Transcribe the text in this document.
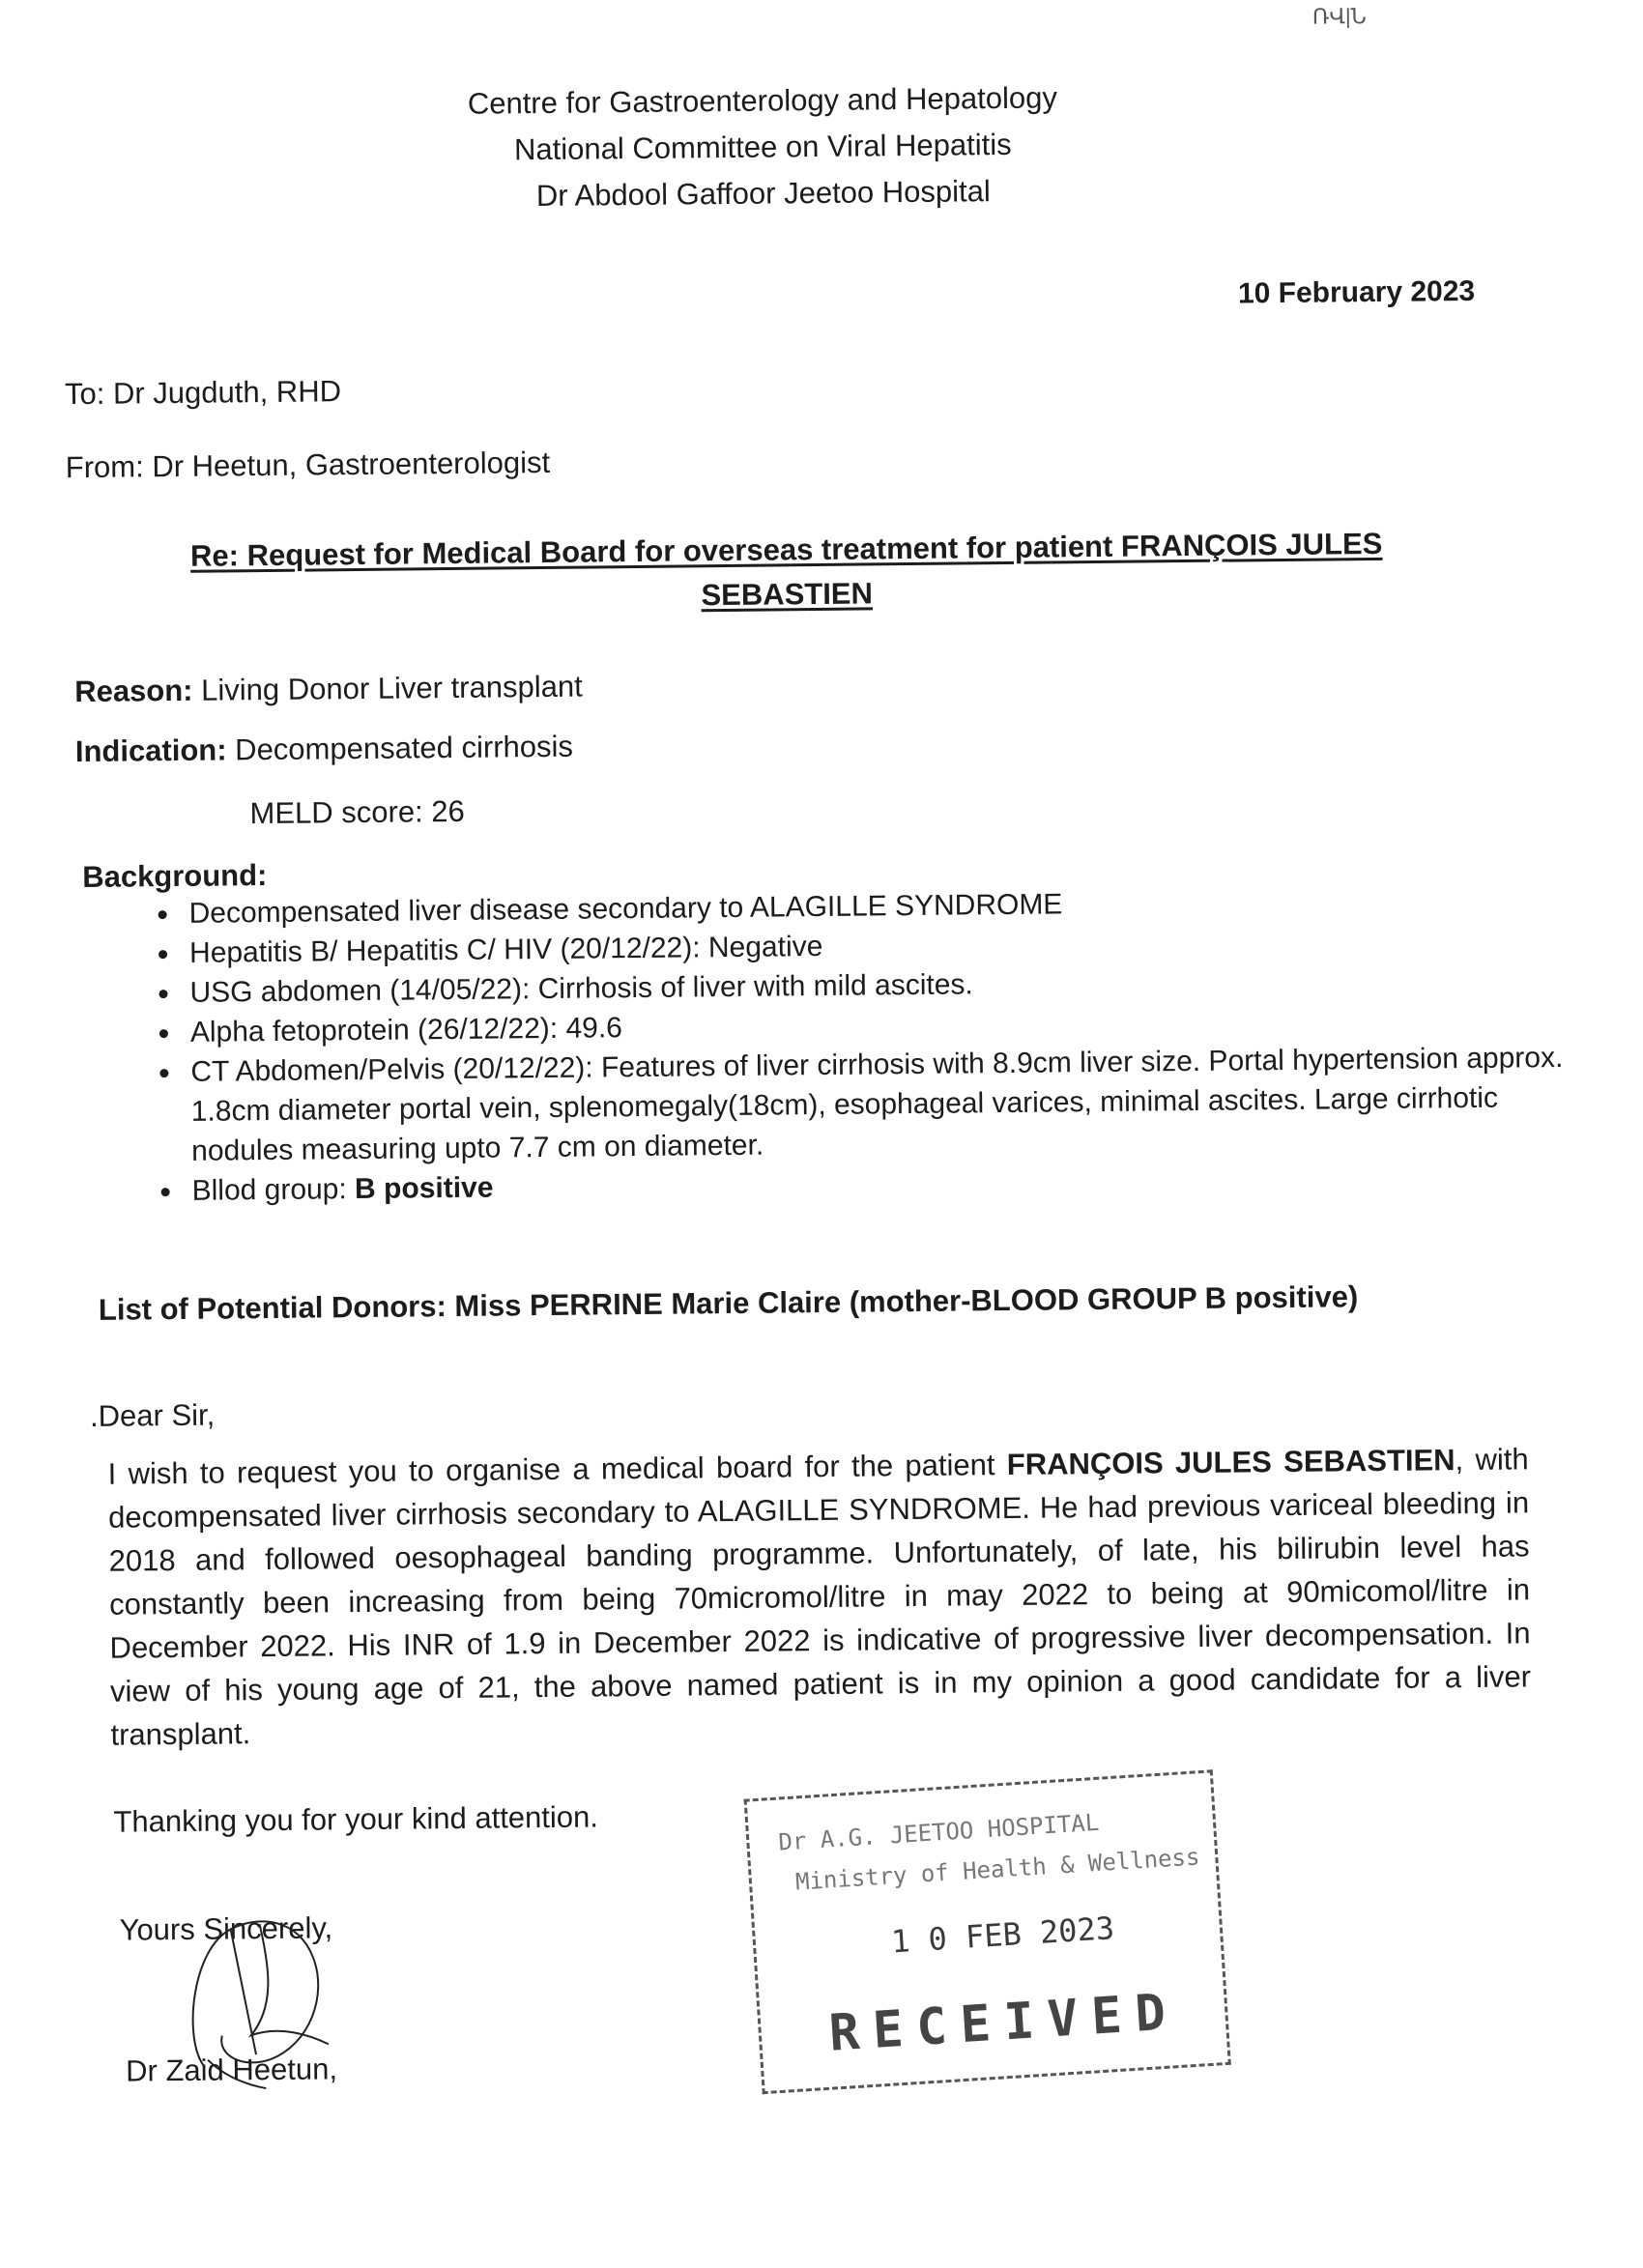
Centre for Gastroenterology and Hepatology
National Committee on Viral Hepatitis
Dr Abdool Gaffoor Jeetoo Hospital
ՌՎ|Ն
10 February 2023
To: Dr Jugduth, RHD
From: Dr Heetun, Gastroenterologist
Re: Request for Medical Board for overseas treatment for patient FRANÇOIS JULES
SEBASTIEN
Reason: Living Donor Liver transplant
Indication: Decompensated cirrhosis
MELD score: 26
Background:
• Decompensated liver disease secondary to ALAGILLE SYNDROME
• Hepatitis B/ Hepatitis C/ HIV (20/12/22): Negative
• USG abdomen (14/05/22): Cirrhosis of liver with mild ascites.
• Alpha fetoprotein (26/12/22): 49.6
• CT Abdomen/Pelvis (20/12/22): Features of liver cirrhosis with 8.9cm liver size. Portal hypertension approx. 1.8cm diameter portal vein, splenomegaly(18cm), esophageal varices, minimal ascites. Large cirrhotic nodules measuring upto 7.7 cm on diameter.
• Bllod group: B positive
List of Potential Donors: Miss PERRINE Marie Claire (mother-BLOOD GROUP B positive)
.Dear Sir,
I wish to request you to organise a medical board for the patient FRANÇOIS JULES SEBASTIEN, with decompensated liver cirrhosis secondary to ALAGILLE SYNDROME. He had previous variceal bleeding in 2018 and followed oesophageal banding programme. Unfortunately, of late, his bilirubin level has constantly been increasing from being 70micromol/litre in may 2022 to being at 90micomol/litre in December 2022. His INR of 1.9 in December 2022 is indicative of progressive liver decompensation. In view of his young age of 21, the above named patient is in my opinion a good candidate for a liver transplant.
Thanking you for your kind attention.
Yours Sincerely,
Dr Zaid Heetun,
Dr A.G. JEETOO HOSPITAL
Ministry of Health & Wellness
1 0 FEB 2023
RECEIVED
